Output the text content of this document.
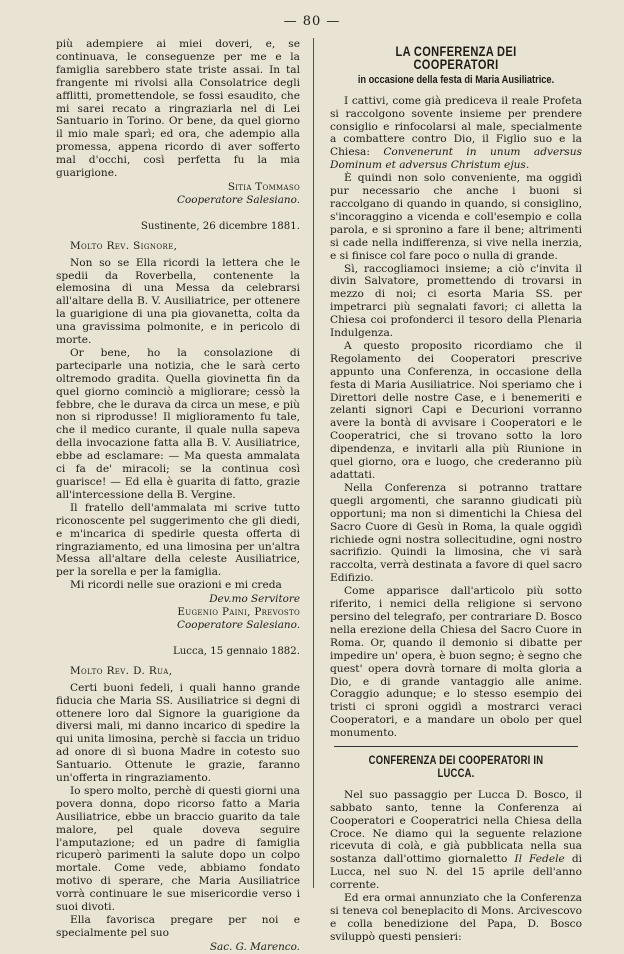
— 80 —

più adempiere ai miei doveri, e, se continuava, le conseguenze per me e la famiglia sarebbero state triste assai. In tal frangente mi rivolsi alla Consolatrice degli afflitti, promettendole, se fossi esaudito, che mi sarei recato a ringraziarla nel di Lei Santuario in Torino. Or bene, da quel giorno il mio male sparì; ed ora, che adempio alla promessa, appena ricordo di aver sofferto mal d'occhi, così perfetta fu la mia guarigione.

Sitia Tommaso
Cooperatore Salesiano.
Sustinente, 26 dicembre 1881.
Molto Rev. Signore,

Non so se Ella ricordi la lettera che le spedii da Roverbella, contenente la elemosina di una Messa da celebrarsi all'altare della B. V. Ausiliatrice, per ottenere la guarigione di una pia giovanetta, colta da una gravissima polmonite, e in pericolo di morte.

Or bene, ho la consolazione di parteciparle una notizia, che le sarà certo oltremodo gradita. Quella giovinetta fin da quel giorno cominciò a migliorare; cessò la febbre, che le durava da circa un mese, e più non si riprodusse! Il miglioramento fu tale, che il medico curante, il quale nulla sapeva della invocazione fatta alla B. V. Ausiliatrice, ebbe ad esclamare: — Ma questa ammalata ci fa de' miracoli; se la continua così guarisce! — Ed ella è guarita di fatto, grazie all'intercessione della B. Vergine.

Il fratello dell'ammalata mi scrive tutto riconoscente pel suggerimento che gli diedi, e m'incarica di spedirle questa offerta di ringraziamento, ed una limosina per un'altra Messa all'altare della celeste Ausiliatrice, per la sorella e per la famiglia.

Mi ricordi nelle sue orazioni e mi creda

Dev.mo Servitore
Eugenio Paini, Prevosto
Cooperatore Salesiano.
Lucca, 15 gennaio 1882.
Molto Rev. D. Rua,

Certi buoni fedeli, i quali hanno grande fiducia che Maria SS. Ausiliatrice si degni di ottenere loro dal Signore la guarigione da diversi mali, mi danno incarico di spedire la qui unita limosina, perchè si faccia un triduo ad onore di sì buona Madre in cotesto suo Santuario. Ottenute le grazie, faranno un'offerta in ringraziamento.

Io spero molto, perchè di questi giorni una povera donna, dopo ricorso fatto a Maria Ausiliatrice, ebbe un braccio guarito da tale malore, pel quale doveva seguire l'amputazione; ed un padre di famiglia ricuperò parimenti la salute dopo un colpo mortale. Come vede, abbiamo fondato motivo di sperare, che Maria Ausiliatrice vorrà continuare le sue misericordie verso i suoi divoti.

Ella favorisca pregare per noi e specialmente pel suo

Sac. G. Marenco.
LA CONFERENZA DEI COOPERATORI
in occasione della festa di Maria Ausiliatrice.

I cattivi, come già prediceva il reale Profeta si raccolgono sovente insieme per prendere consiglio e rinfocolarsi al male, specialmente a combattere contro Dio, il Figlio suo e la Chiesa: Convenerunt in unum adversus Dominum et adversus Christum ejus.

È quindi non solo conveniente, ma oggidì pur necessario che anche i buoni si raccolgano di quando in quando, si consiglino, s'incoraggino a vicenda e coll'esempio e colla parola, e si spronino a fare il bene; altrimenti si cade nella indifferenza, si vive nella inerzia, e si finisce col fare poco o nulla di grande.

Sì, raccogliamoci insieme; a ciò c'invita il divin Salvatore, promettendo di trovarsi in mezzo di noi; ci esorta Maria SS. per impetrarci più segnalati favori; ci alletta la Chiesa coi profonderci il tesoro della Plenaria Indulgenza.

A questo proposito ricordiamo che il Regolamento dei Cooperatori prescrive appunto una Conferenza, in occasione della festa di Maria Ausiliatrice. Noi speriamo che i Direttori delle nostre Case, e i benemeriti e zelanti signori Capi e Decurioni vorranno avere la bontà di avvisare i Cooperatori e le Cooperatrici, che si trovano sotto la loro dipendenza, e invitarli alla più Riunione in quel giorno, ora e luogo, che crederanno più adattati.

Nella Conferenza si potranno trattare quegli argomenti, che saranno giudicati più opportuni; ma non si dimentichi la Chiesa del Sacro Cuore di Gesù in Roma, la quale oggidì richiede ogni nostra sollecitudine, ogni nostro sacrifizio. Quindi la limosina, che vi sarà raccolta, verrà destinata a favore di quel sacro Edifizio.

Come apparisce dall'articolo più sotto riferito, i nemici della religione si servono persino del telegrafo, per contrariare D. Bosco nella erezione della Chiesa del Sacro Cuore in Roma. Or, quando il demonio si dibatte per impedire un' opera, è buon segno; è segno che quest' opera dovrà tornare di molta gloria a Dio, e di grande vantaggio alle anime. Coraggio adunque; e lo stesso esempio dei tristi ci sproni oggidì a mostrarci veraci Cooperatori, e a mandare un obolo per quel monumento.

CONFERENZA DEI COOPERATORI IN LUCCA.

Nel suo passaggio per Lucca D. Bosco, il sabbato santo, tenne la Conferenza ai Cooperatori e Cooperatrici nella Chiesa della Croce. Ne diamo qui la seguente relazione ricevuta di colà, e già pubblicata nella sua sostanza dall'ottimo giornaletto Il Fedele di Lucca, nel suo N. del 15 aprile dell'anno corrente.

Ed era ormai annunziato che la Conferenza si teneva col beneplacito di Mons. Arcivescovo e colla benedizione del Papa, D. Bosco sviluppò questi pensieri:
